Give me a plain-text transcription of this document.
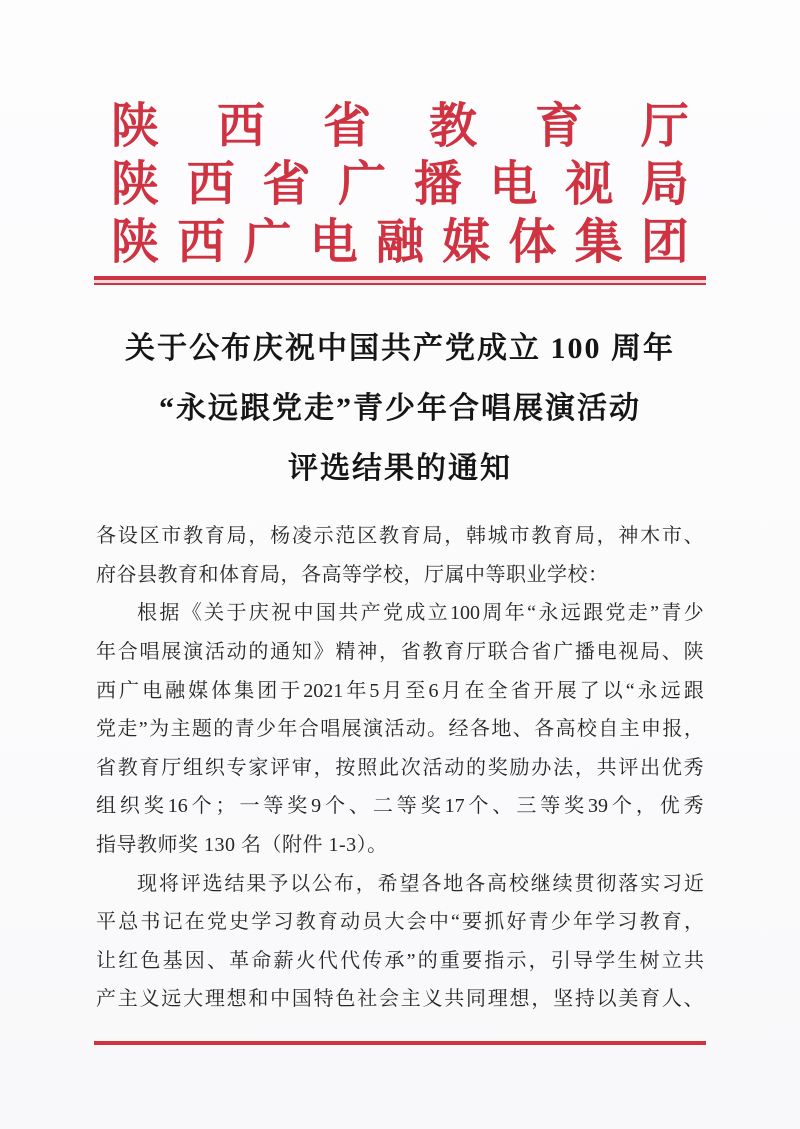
陕 西 省 教 育 厅
陕 西 省 广 播 电 视 局
陕 西 广 电 融 媒 体 集 团
关于公布庆祝中国共产党成立 100 周年
“永远跟党走”青少年合唱展演活动
评选结果的通知
各 设 区 市 教 育 局 ， 杨 凌 示 范 区 教 育 局 ， 韩 城 市 教 育 局 ， 神 木 市 、
府谷县教育和体育局，各高等学校，厅属中等职业学校：
根 据 《 关 于 庆 祝 中 国 共 产 党 成 立 100 周 年 “ 永 远 跟 党 走 ” 青 少
年 合 唱 展 演 活 动 的 通 知 》 精 神 ， 省 教 育 厅 联 合 省 广 播 电 视 局 、 陕
西 广 电 融 媒 体 集 团 于 2021 年 5 月 至 6 月 在 全 省 开 展 了 以 “ 永 远 跟
党 走 ” 为 主 题 的 青 少 年 合 唱 展 演 活 动 。 经 各 地 、 各 高 校 自 主 申 报 ，
省 教 育 厅 组 织 专 家 评 审 ， 按 照 此 次 活 动 的 奖 励 办 法 ， 共 评 出 优 秀
组 织 奖 16 个 ； 一 等 奖 9 个 、 二 等 奖 17 个 、 三 等 奖 39 个 ， 优 秀
指导教师奖 130 名（附件 1-3）。
现 将 评 选 结 果 予 以 公 布 ， 希 望 各 地 各 高 校 继 续 贯 彻 落 实 习 近
平 总 书 记 在 党 史 学 习 教 育 动 员 大 会 中 “ 要 抓 好 青 少 年 学 习 教 育 ，
让 红 色 基 因 、 革 命 薪 火 代 代 传 承 ” 的 重 要 指 示 ， 引 导 学 生 树 立 共
产 主 义 远 大 理 想 和 中 国 特 色 社 会 主 义 共 同 理 想 ， 坚 持 以 美 育 人 、
